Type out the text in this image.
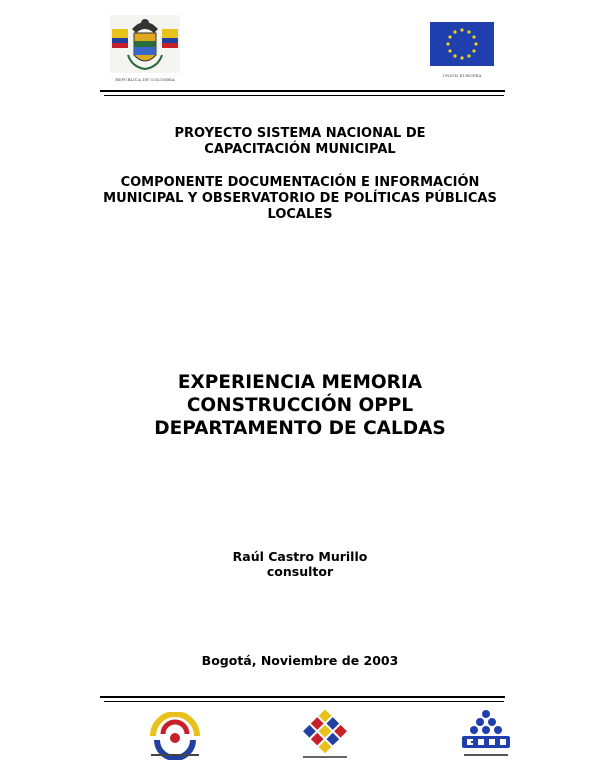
REPÚBLICA DE COLOMBIA
UNIÓN EUROPEA
PROYECTO SISTEMA NACIONAL DE
CAPACITACIÓN MUNICIPAL
COMPONENTE DOCUMENTACIÓN E INFORMACIÓN
MUNICIPAL Y OBSERVATORIO DE POLÍTICAS PÚBLICAS
LOCALES
EXPERIENCIA MEMORIA
CONSTRUCCIÓN OPPL
DEPARTAMENTO DE CALDAS
Raúl Castro Murillo
consultor
Bogotá, Noviembre de 2003
